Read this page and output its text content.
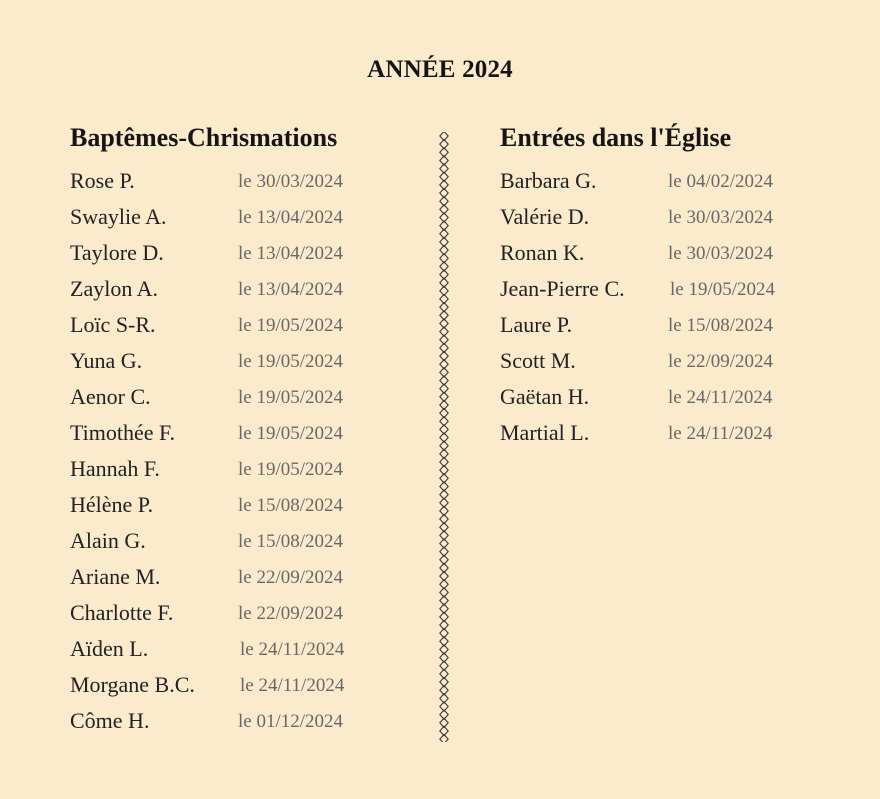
ANNÉE 2024
Baptêmes-Chrismations
Rose P.	le 30/03/2024
Swaylie A.	le 13/04/2024
Taylore D.	le 13/04/2024
Zaylon A.	le 13/04/2024
Loïc S-R.	le 19/05/2024
Yuna G.	le 19/05/2024
Aenor C.	le 19/05/2024
Timothée F.	le 19/05/2024
Hannah F.	le 19/05/2024
Hélène P.	le 15/08/2024
Alain G.	le 15/08/2024
Ariane M.	le 22/09/2024
Charlotte F.	le 22/09/2024
Aïden L.	le 24/11/2024
Morgane B.C. le 24/11/2024
Côme H.	le 01/12/2024
Entrées dans l'Église
Barbara G.	le 04/02/2024
Valérie D.	le 30/03/2024
Ronan K.	le 30/03/2024
Jean-Pierre C. le 19/05/2024
Laure P.	le 15/08/2024
Scott M.	le 22/09/2024
Gaëtan H.	le 24/11/2024
Martial L.	le 24/11/2024
